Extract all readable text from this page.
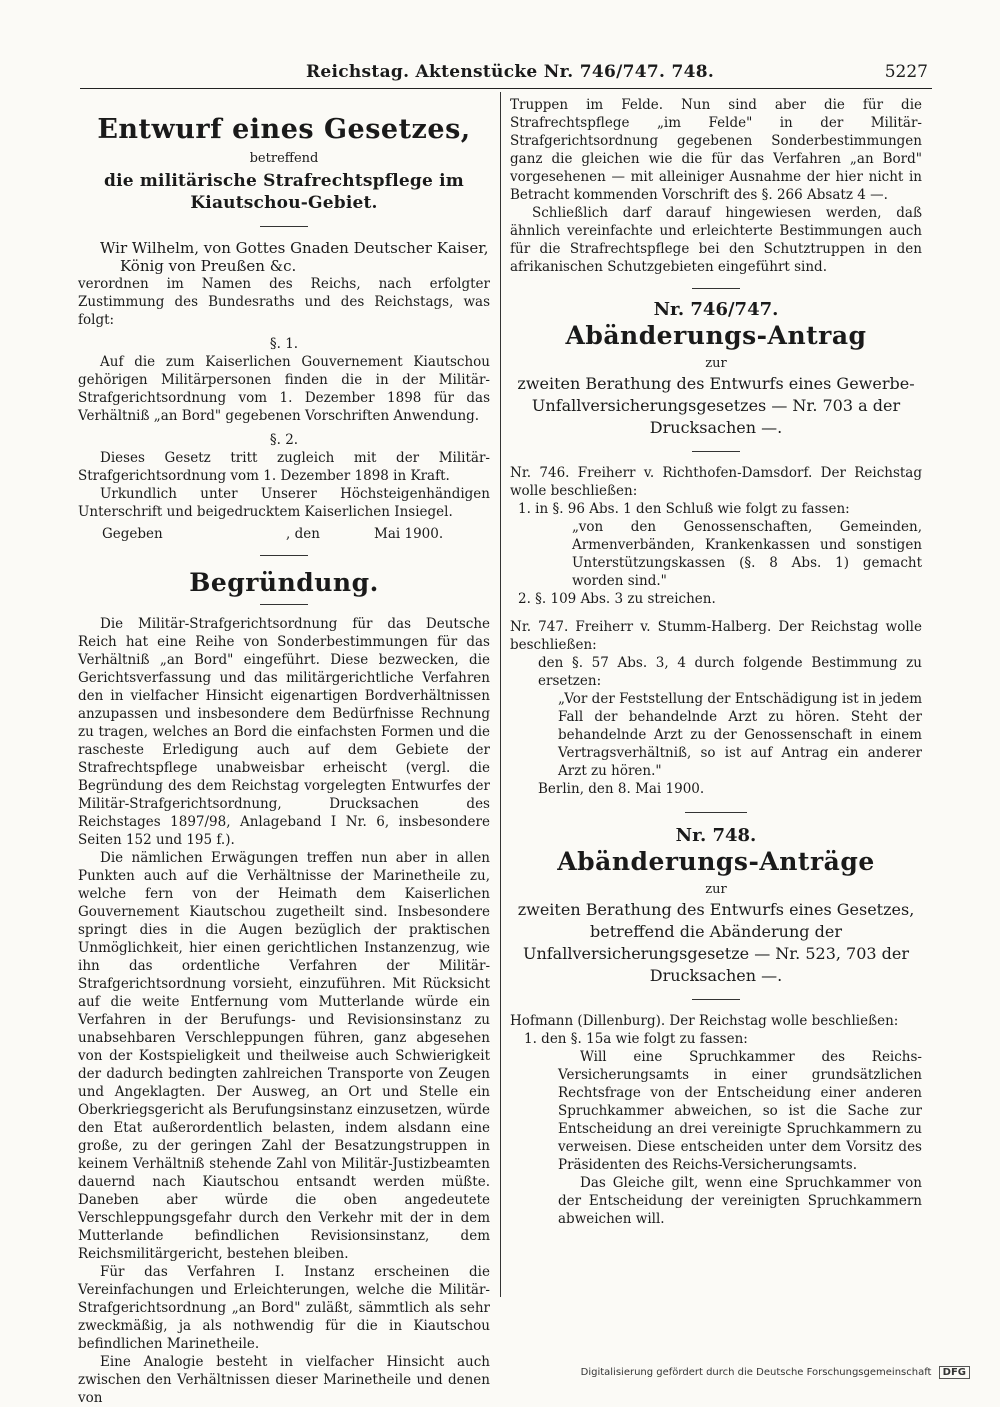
Reichstag. Aktenstücke Nr. 746/747. 748.	5227
Entwurf eines Gesetzes,

betreffend

die militärische Strafrechtspflege im Kiautschou-Gebiet.

Wir Wilhelm, von Gottes Gnaden Deutscher Kaiser,

König von Preußen &c.

verordnen im Namen des Reichs, nach erfolgter Zustimmung des Bundesraths und des Reichstags, was folgt:

§. 1.

Auf die zum Kaiserlichen Gouvernement Kiautschou gehörigen Militärpersonen finden die in der Militär-Strafgerichtsordnung vom 1. Dezember 1898 für das Verhältniß „an Bord" gegebenen Vorschriften Anwendung.

§. 2.

Dieses Gesetz tritt zugleich mit der Militär-Strafgerichtsordnung vom 1. Dezember 1898 in Kraft.

Urkundlich unter Unserer Höchsteigenhändigen Unterschrift und beigedrucktem Kaiserlichen Insiegel.

Gegeben	, den	Mai 1900.

Begründung.

Die Militär-Strafgerichtsordnung für das Deutsche Reich hat eine Reihe von Sonderbestimmungen für das Verhältniß „an Bord" eingeführt. Diese bezwecken, die Gerichtsverfassung und das militärgerichtliche Verfahren den in vielfacher Hinsicht eigenartigen Bordverhältnissen anzupassen und insbesondere dem Bedürfnisse Rechnung zu tragen, welches an Bord die einfachsten Formen und die rascheste Erledigung auch auf dem Gebiete der Strafrechtspflege unabweisbar erheischt (vergl. die Begründung des dem Reichstag vorgelegten Entwurfes der Militär-Strafgerichtsordnung, Drucksachen des Reichstages 1897/98, Anlageband I Nr. 6, insbesondere Seiten 152 und 195 f.).

Die nämlichen Erwägungen treffen nun aber in allen Punkten auch auf die Verhältnisse der Marinetheile zu, welche fern von der Heimath dem Kaiserlichen Gouvernement Kiautschou zugetheilt sind. Insbesondere springt dies in die Augen bezüglich der praktischen Unmöglichkeit, hier einen gerichtlichen Instanzenzug, wie ihn das ordentliche Verfahren der Militär-Strafgerichtsordnung vorsieht, einzuführen. Mit Rücksicht auf die weite Entfernung vom Mutterlande würde ein Verfahren in der Berufungs- und Revisionsinstanz zu unabsehbaren Verschleppungen führen, ganz abgesehen von der Kostspieligkeit und theilweise auch Schwierigkeit der dadurch bedingten zahlreichen Transporte von Zeugen und Angeklagten. Der Ausweg, an Ort und Stelle ein Oberkriegsgericht als Berufungsinstanz einzusetzen, würde den Etat außerordentlich belasten, indem alsdann eine große, zu der geringen Zahl der Besatzungstruppen in keinem Verhältniß stehende Zahl von Militär-Justizbeamten dauernd nach Kiautschou entsandt werden müßte. Daneben aber würde die oben angedeutete Verschleppungsgefahr durch den Verkehr mit der in dem Mutterlande befindlichen Revisionsinstanz, dem Reichsmilitärgericht, bestehen bleiben.

Für das Verfahren I. Instanz erscheinen die Vereinfachungen und Erleichterungen, welche die Militär-Strafgerichtsordnung „an Bord" zuläßt, sämmtlich als sehr zweckmäßig, ja als nothwendig für die in Kiautschou befindlichen Marinetheile.

Eine Analogie besteht in vielfacher Hinsicht auch zwischen den Verhältnissen dieser Marinetheile und denen von

Truppen im Felde. Nun sind aber die für die Strafrechtspflege „im Felde" in der Militär-Strafgerichtsordnung gegebenen Sonderbestimmungen ganz die gleichen wie die für das Verfahren „an Bord" vorgesehenen — mit alleiniger Ausnahme der hier nicht in Betracht kommenden Vorschrift des §. 266 Absatz 4 —.

Schließlich darf darauf hingewiesen werden, daß ähnlich vereinfachte und erleichterte Bestimmungen auch für die Strafrechtspflege bei den Schutztruppen in den afrikanischen Schutzgebieten eingeführt sind.

Nr. 746/747.
Abänderungs-Antrag

zur

zweiten Berathung des Entwurfs eines Gewerbe-Unfallversicherungsgesetzes — Nr. 703 a der Drucksachen —.

Nr. 746. Freiherr v. Richthofen-Damsdorf. Der Reichstag wolle beschließen:

1. in §. 96 Abs. 1 den Schluß wie folgt zu fassen:

„von den Genossenschaften, Gemeinden, Armenverbänden, Krankenkassen und sonstigen Unterstützungskassen (§. 8 Abs. 1) gemacht worden sind."

2. §. 109 Abs. 3 zu streichen.

Nr. 747. Freiherr v. Stumm-Halberg. Der Reichstag wolle beschließen:

den §. 57 Abs. 3, 4 durch folgende Bestimmung zu ersetzen:

„Vor der Feststellung der Entschädigung ist in jedem Fall der behandelnde Arzt zu hören. Steht der behandelnde Arzt zu der Genossenschaft in einem Vertragsverhältniß, so ist auf Antrag ein anderer Arzt zu hören."

Berlin, den 8. Mai 1900.

Nr. 748.
Abänderungs-Anträge

zur

zweiten Berathung des Entwurfs eines Gesetzes, betreffend die Abänderung der Unfallversicherungsgesetze — Nr. 523, 703 der Drucksachen —.

Hofmann (Dillenburg). Der Reichstag wolle beschließen:

1. den §. 15a wie folgt zu fassen:

Will eine Spruchkammer des Reichs-Versicherungsamts in einer grundsätzlichen Rechtsfrage von der Entscheidung einer anderen Spruchkammer abweichen, so ist die Sache zur Entscheidung an drei vereinigte Spruchkammern zu verweisen. Diese entscheiden unter dem Vorsitz des Präsidenten des Reichs-Versicherungsamts.

Das Gleiche gilt, wenn eine Spruchkammer von der Entscheidung der vereinigten Spruchkammern abweichen will.

Digitalisierung gefördert durch die Deutsche Forschungsgemeinschaft DFG
